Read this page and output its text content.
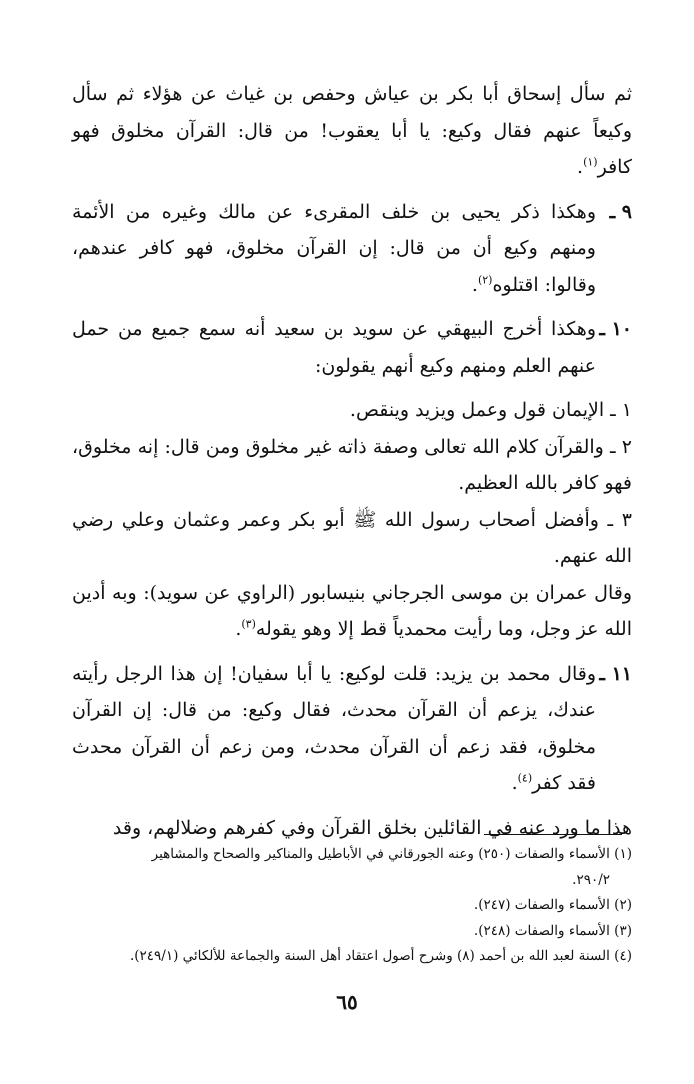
ثم سأل إسحاق أبا بكر بن عياش وحفص بن غياث عن هؤلاء ثم سأل وكيعاً عنهم فقال وكيع: يا أبا يعقوب! من قال: القرآن مخلوق فهو كافر$^{(١)}$.

٩ ـ
وهكذا ذكر يحيى بن خلف المقرىء عن مالك وغيره من الأئمة ومنهم وكيع أن من قال: إن القرآن مخلوق، فهو كافر عندهم، وقالوا: اقتلوه$^{(٢)}$.

١٠ ـ
وهكذا أخرج البيهقي عن سويد بن سعيد أنه سمع جميع من حمل عنهم العلم ومنهم وكيع أنهم يقولون:

١ ـ الإيمان قول وعمل ويزيد وينقص.

٢ ـ والقرآن كلام الله تعالى وصفة ذاته غير مخلوق ومن قال: إنه مخلوق، فهو كافر بالله العظيم.

٣ ـ وأفضل أصحاب رسول الله ﷺ أبو بكر وعمر وعثمان وعلي رضي الله عنهم.

وقال عمران بن موسى الجرجاني بنيسابور (الراوي عن سويد): وبه أدين الله عز وجل، وما رأيت محمدياً قط إلا وهو يقوله$^{(٣)}$.

١١ ـ
وقال محمد بن يزيد: قلت لوكيع: يا أبا سفيان! إن هذا الرجل رأيته عندك، يزعم أن القرآن محدث، فقال وكيع: من قال: إن القرآن مخلوق، فقد زعم أن القرآن محدث، ومن زعم أن القرآن محدث فقد كفر$^{(٤)}$.

هذا ما ورد عنه في القائلين بخلق القرآن وفي كفرهم وضلالهم، وقد

(١) الأسماء والصفات (٢٥٠) وعنه الجورقاني في الأباطيل والمناكير والصحاح والمشاهير

٢٩٠/٢.

(٢) الأسماء والصفات (٢٤٧).

(٣) الأسماء والصفات (٢٤٨).

(٤) السنة لعبد الله بن أحمد (٨) وشرح أصول اعتقاد أهل السنة والجماعة للألكائي (٢٤٩/١).

٦٥
